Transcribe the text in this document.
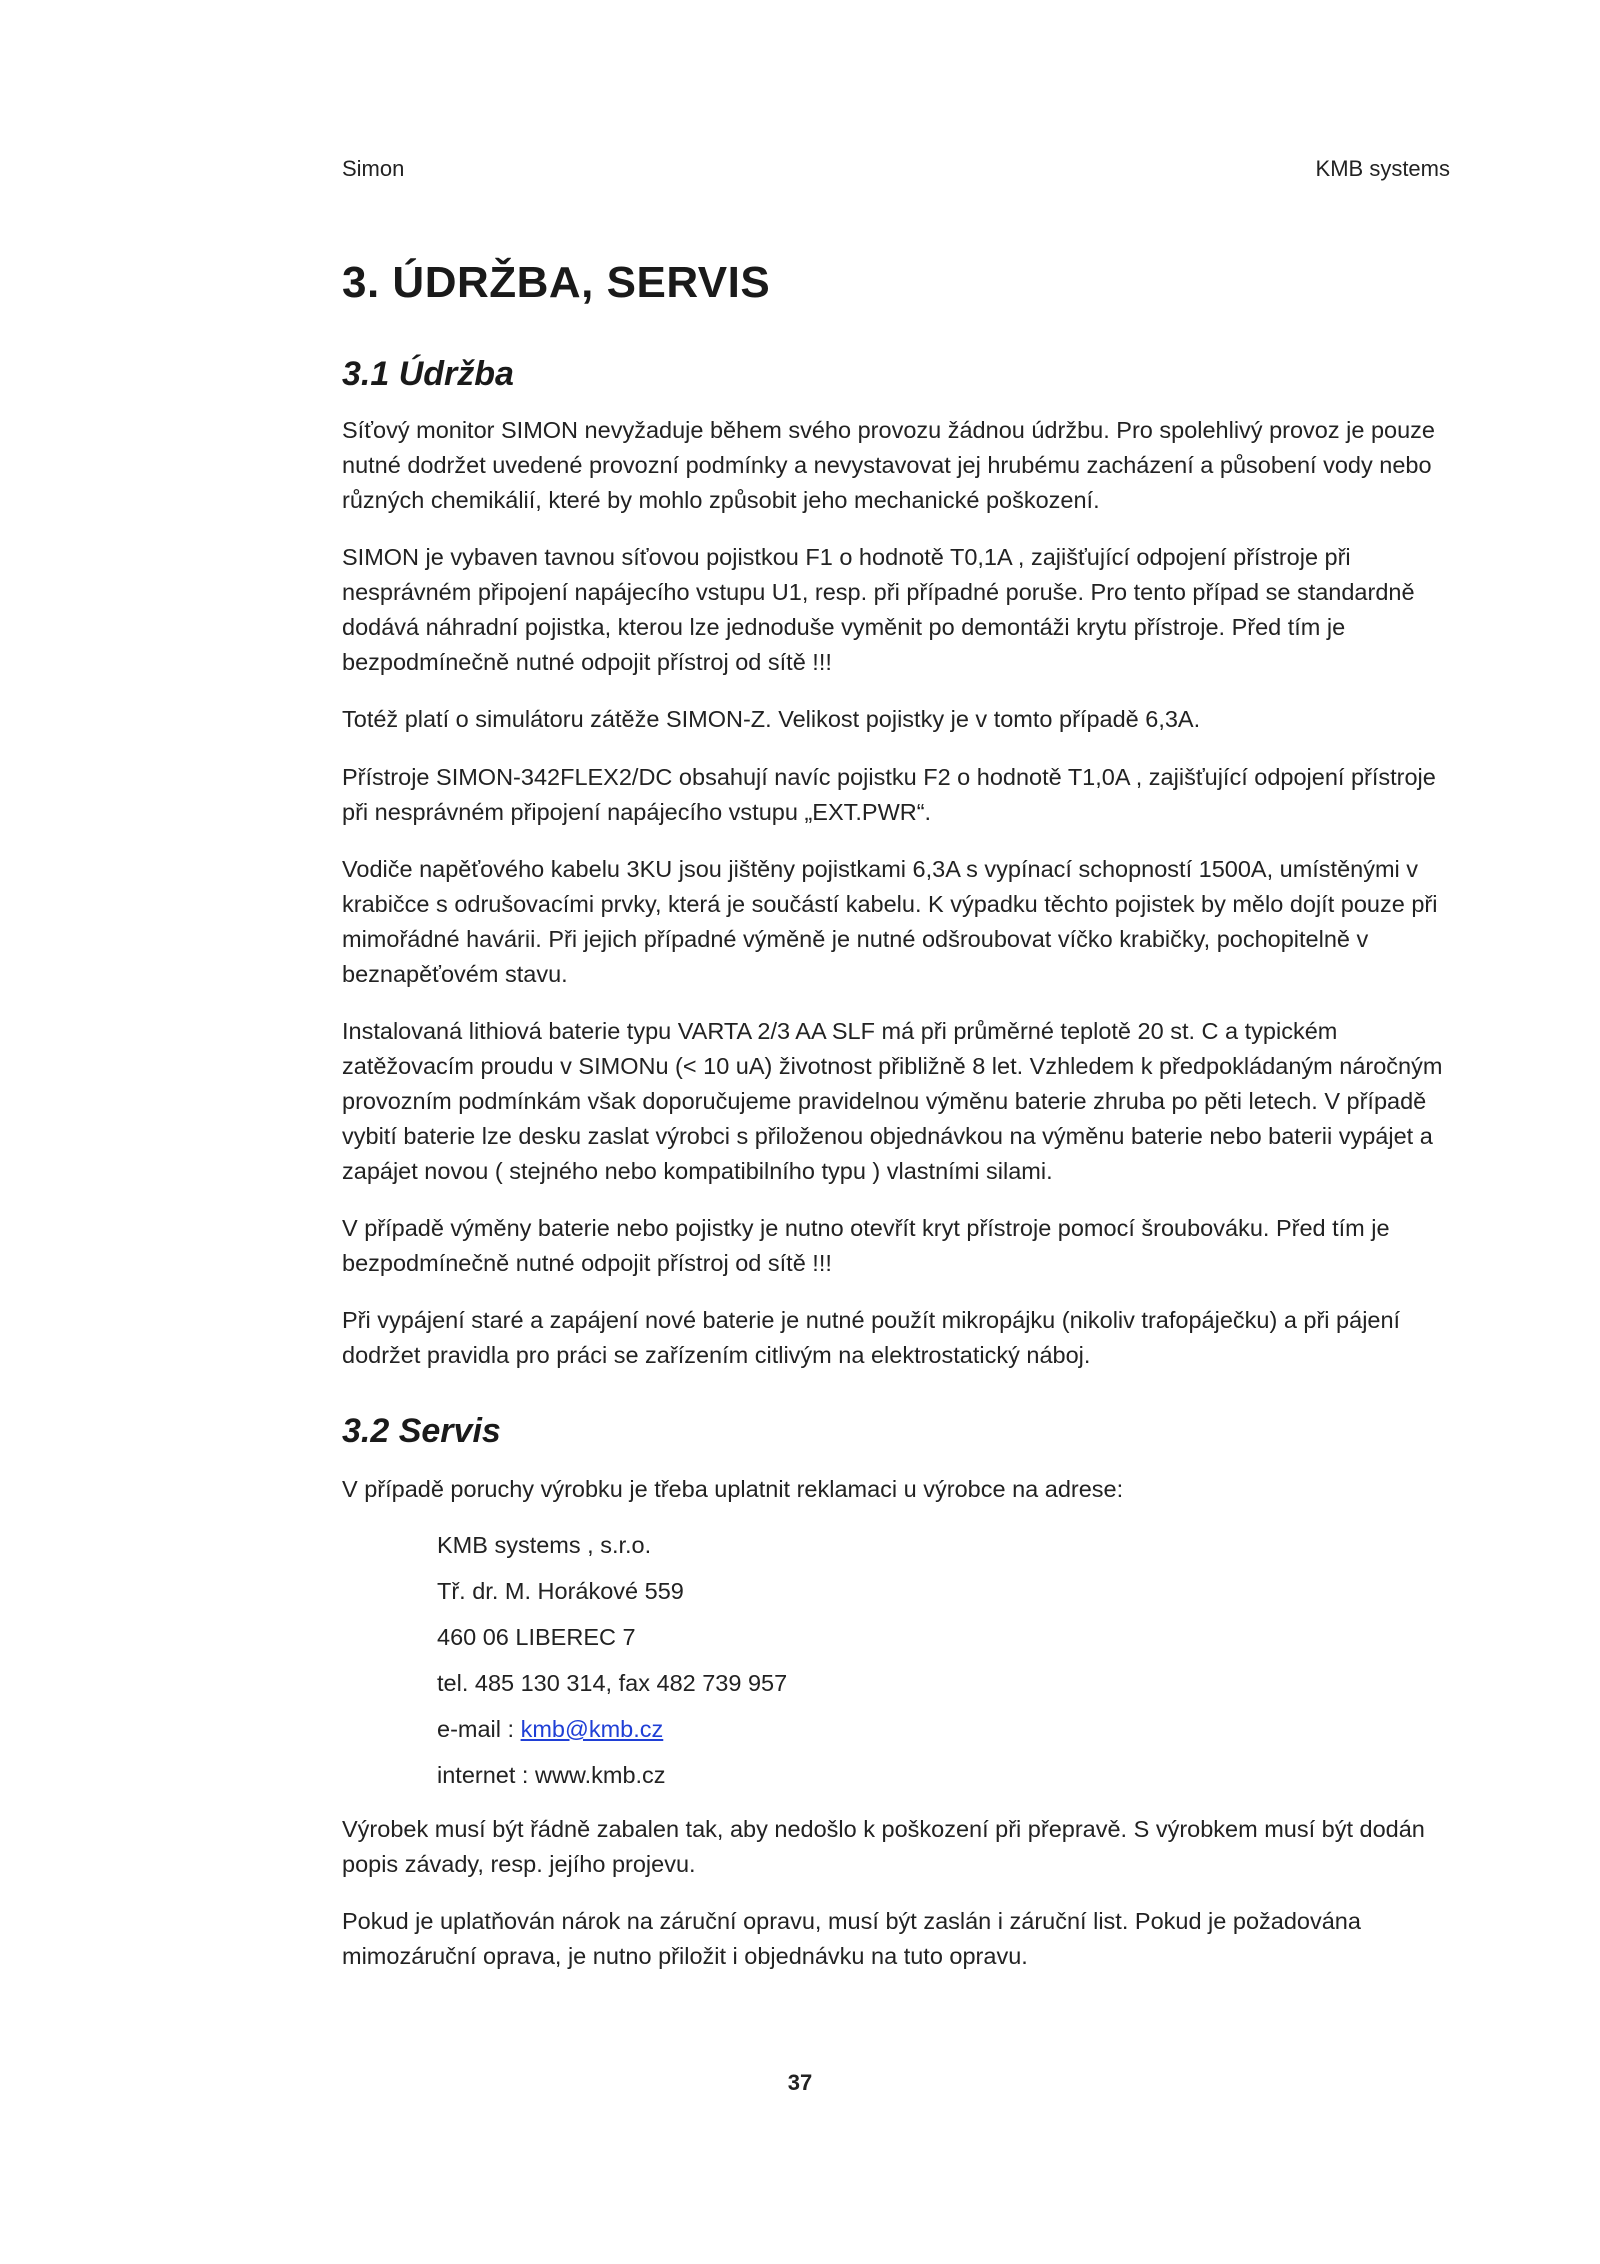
Simon	KMB systems
3. ÚDRŽBA, SERVIS
3.1 Údržba

Síťový monitor SIMON nevyžaduje během svého provozu žádnou údržbu. Pro spolehlivý provoz je pouze nutné dodržet uvedené provozní podmínky a nevystavovat jej hrubému zacházení a působení vody nebo různých chemikálií, které by mohlo způsobit jeho mechanické poškození.

SIMON je vybaven tavnou síťovou pojistkou F1 o hodnotě T0,1A , zajišťující odpojení přístroje při nesprávném připojení napájecího vstupu U1, resp. při případné poruše. Pro tento případ se standardně dodává náhradní pojistka, kterou lze jednoduše vyměnit po demontáži krytu přístroje. Před tím je bezpodmínečně nutné odpojit přístroj od sítě !!!

Totéž platí o simulátoru zátěže SIMON-Z. Velikost pojistky je v tomto případě 6,3A.

Přístroje SIMON-342FLEX2/DC obsahují navíc pojistku F2 o hodnotě T1,0A , zajišťující odpojení přístroje při nesprávném připojení napájecího vstupu „EXT.PWR“.

Vodiče napěťového kabelu 3KU jsou jištěny pojistkami 6,3A s vypínací schopností 1500A, umístěnými v krabičce s odrušovacími prvky, která je součástí kabelu. K výpadku těchto pojistek by mělo dojít pouze při mimořádné havárii. Při jejich případné výměně je nutné odšroubovat víčko krabičky, pochopitelně v beznapěťovém stavu.

Instalovaná lithiová baterie typu VARTA 2/3 AA SLF má při průměrné teplotě 20 st. C a typickém zatěžovacím proudu v SIMONu (< 10 uA) životnost přibližně 8 let. Vzhledem k předpokládaným náročným provozním podmínkám však doporučujeme pravidelnou výměnu baterie zhruba po pěti letech. V případě vybití baterie lze desku zaslat výrobci s přiloženou objednávkou na výměnu baterie nebo baterii vypájet a zapájet novou ( stejného nebo kompatibilního typu ) vlastními silami.

V případě výměny baterie nebo pojistky je nutno otevřít kryt přístroje pomocí šroubováku. Před tím je bezpodmínečně nutné odpojit přístroj od sítě !!!

Při vypájení staré a zapájení nové baterie je nutné použít mikropájku (nikoliv trafopáječku) a při pájení dodržet pravidla pro práci se zařízením citlivým na elektrostatický náboj.

3.2 Servis

V případě poruchy výrobku je třeba uplatnit reklamaci u výrobce na adrese:

KMB systems , s.r.o.
Tř. dr. M. Horákové 559
460 06 LIBEREC 7
tel. 485 130 314, fax 482 739 957
e-mail : kmb@kmb.cz
internet : www.kmb.cz

Výrobek musí být řádně zabalen tak, aby nedošlo k poškození při přepravě. S výrobkem musí být dodán popis závady, resp. jejího projevu.

Pokud je uplatňován nárok na záruční opravu, musí být zaslán i záruční list. Pokud je požadována mimozáruční oprava, je nutno přiložit i objednávku na tuto opravu.

37
